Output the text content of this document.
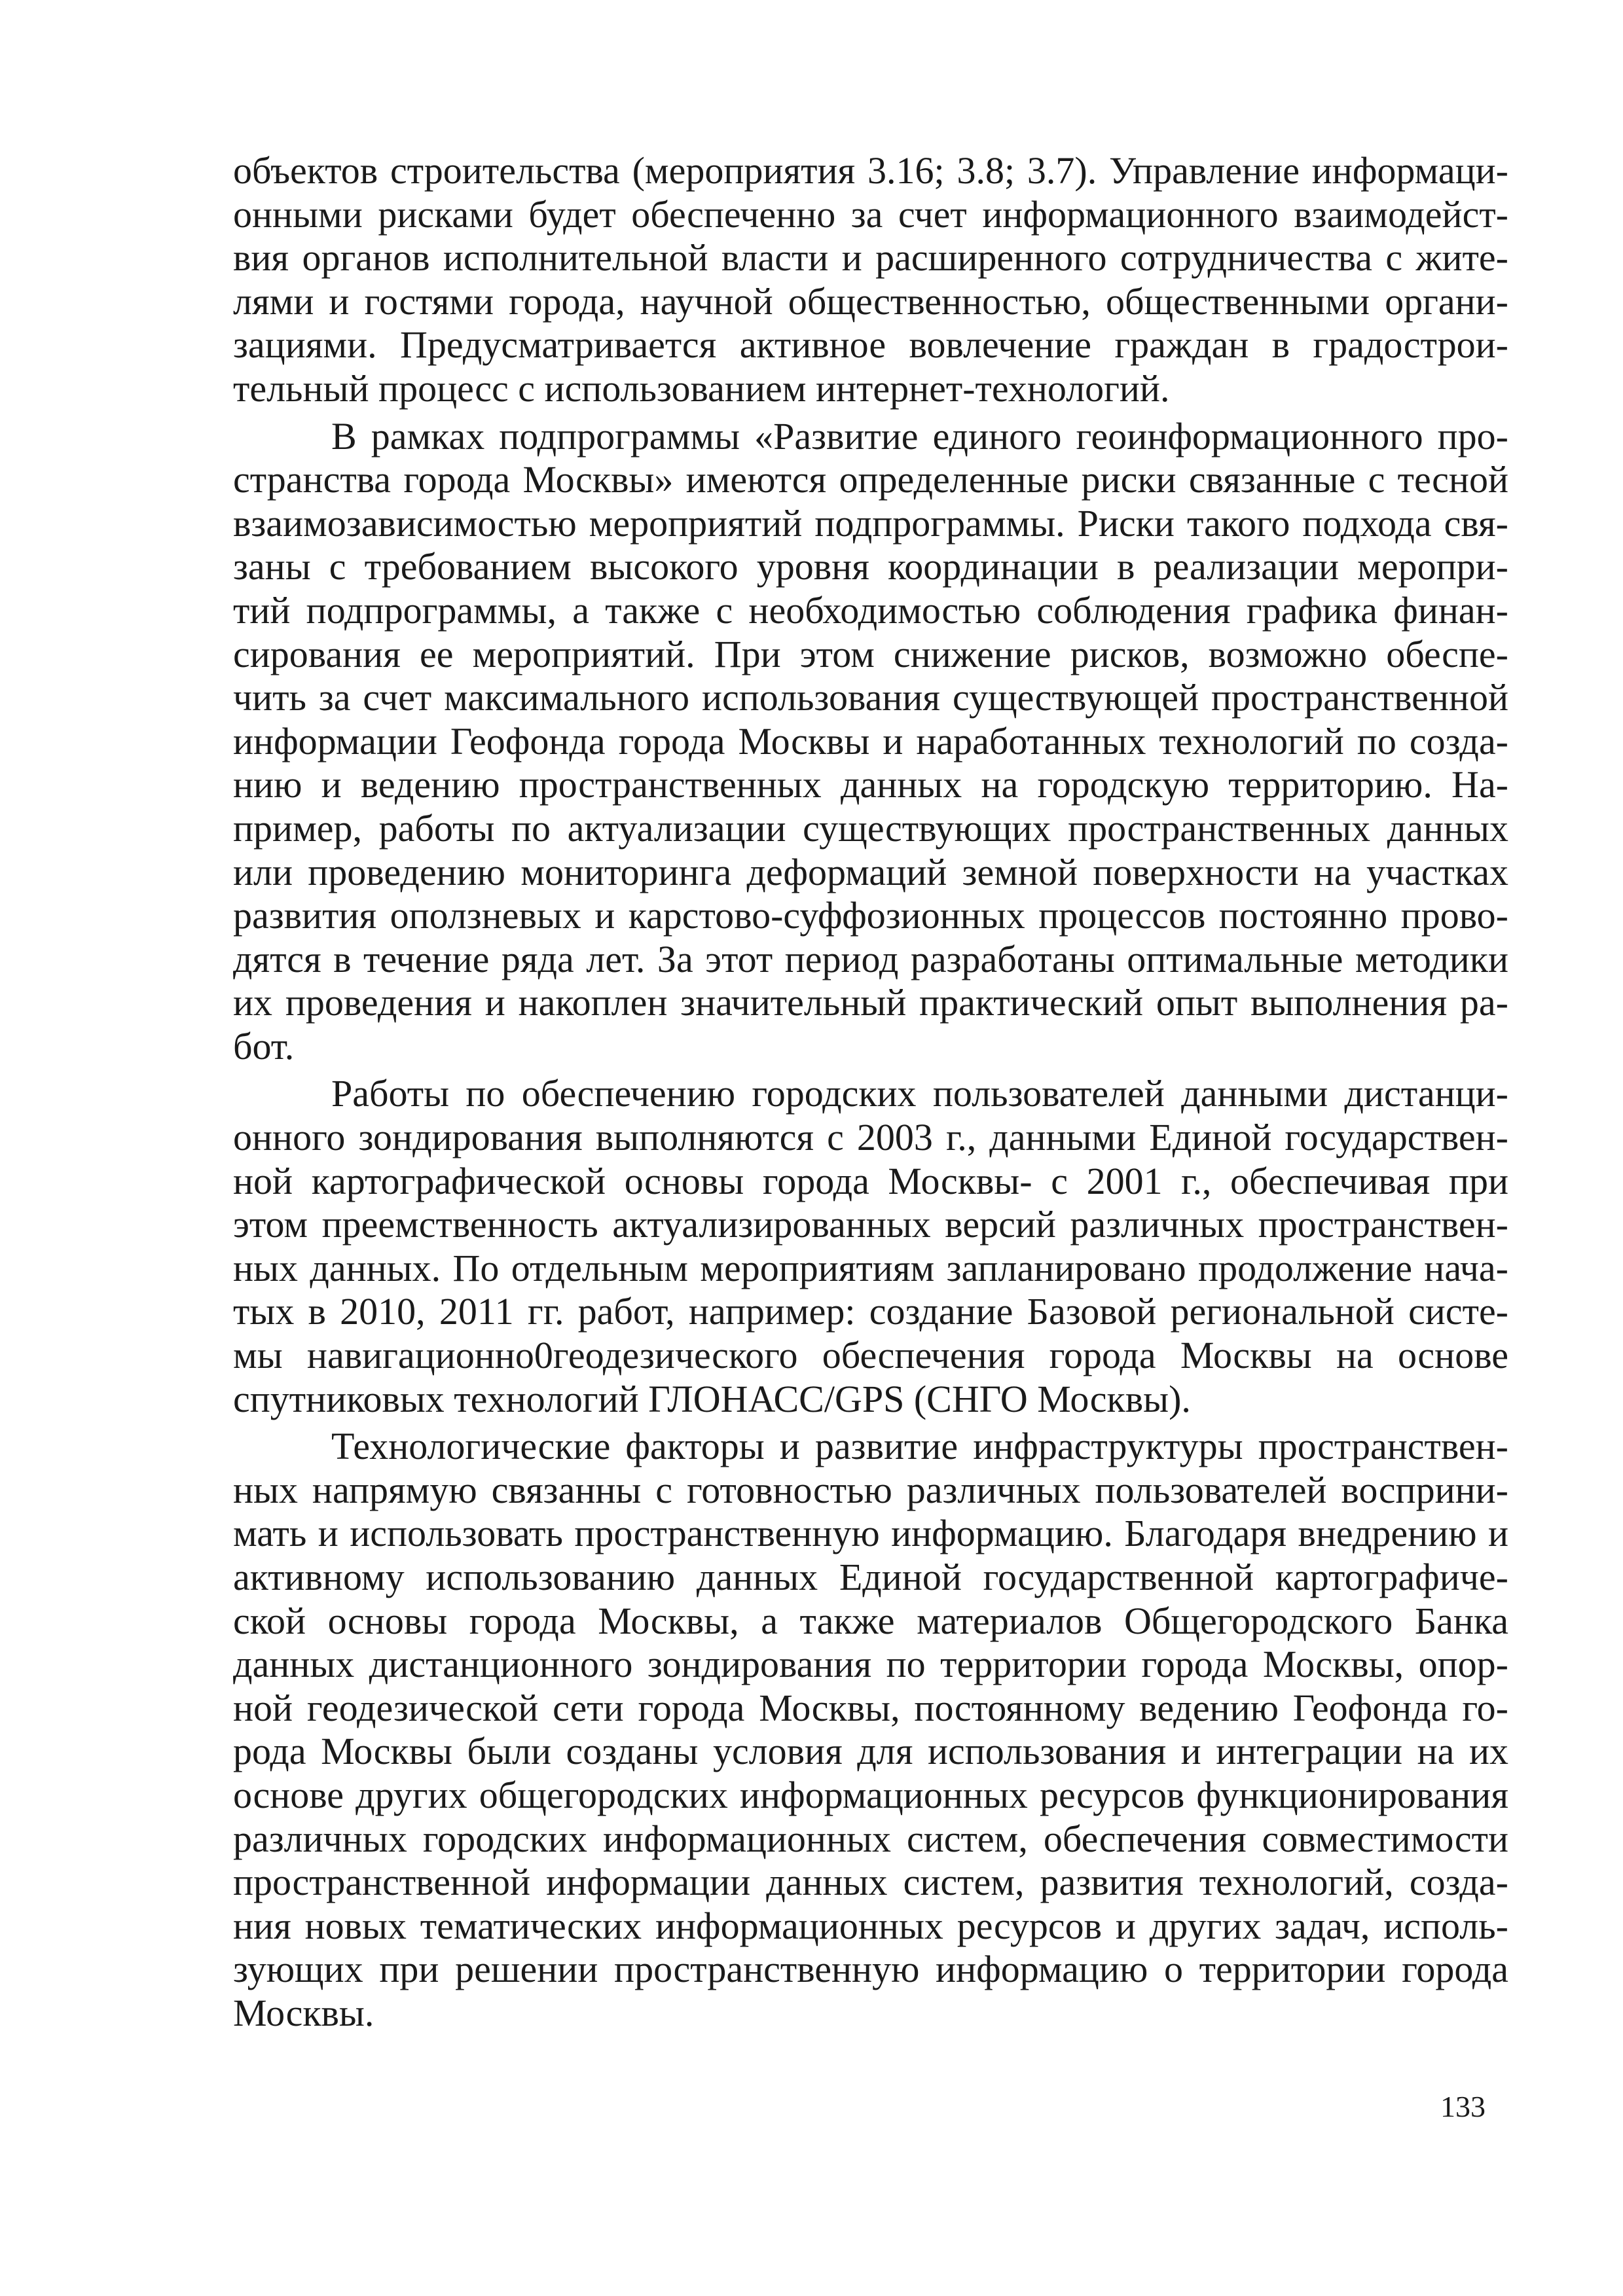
объектов строительства (мероприятия 3.16; 3.8; 3.7). Управление информаци-
онными рисками будет обеспеченно за счет информационного взаимодейст-
вия органов исполнительной власти и расширенного сотрудничества с жите-
лями и гостями города, научной общественностью, общественными органи-
зациями. Предусматривается активное вовлечение граждан в градострои-
тельный процесс с использованием интернет-технологий.
В рамках подпрограммы «Развитие единого геоинформационного про-
странства города Москвы» имеются определенные риски связанные с тесной
взаимозависимостью мероприятий подпрограммы. Риски такого подхода свя-
заны с требованием высокого уровня координации в реализации меропри-
тий подпрограммы, а также с необходимостью соблюдения графика финан-
сирования ее мероприятий. При этом снижение рисков, возможно обеспе-
чить за счет максимального использования существующей пространственной
информации Геофонда города Москвы и наработанных технологий по созда-
нию и ведению пространственных данных на городскую территорию. На-
пример, работы по актуализации существующих пространственных данных
или проведению мониторинга деформаций земной поверхности на участках
развития оползневых и карстово-суффозионных процессов постоянно прово-
дятся в течение ряда лет. За этот период разработаны оптимальные методики
их проведения и накоплен значительный практический опыт выполнения ра-
бот.
Работы по обеспечению городских пользователей данными дистанци-
онного зондирования выполняются с 2003 г., данными Единой государствен-
ной картографической основы города Москвы- с 2001 г., обеспечивая при
этом преемственность актуализированных версий различных пространствен-
ных данных. По отдельным мероприятиям запланировано продолжение нача-
тых в 2010, 2011 гг. работ, например: создание Базовой региональной систе-
мы навигационно0геодезического обеспечения города Москвы на основе
спутниковых технологий ГЛОНАСС/GPS (СНГО Москвы).
Технологические факторы и развитие инфраструктуры пространствен-
ных напрямую связанны с готовностью различных пользователей восприни-
мать и использовать пространственную информацию. Благодаря внедрению и
активному использованию данных Единой государственной картографиче-
ской основы города Москвы, а также материалов Общегородского Банка
данных дистанционного зондирования по территории города Москвы, опор-
ной геодезической сети города Москвы, постоянному ведению Геофонда го-
рода Москвы были созданы условия для использования и интеграции на их
основе других общегородских информационных ресурсов функционирования
различных городских информационных систем, обеспечения совместимости
пространственной информации данных систем, развития технологий, созда-
ния новых тематических информационных ресурсов и других задач, исполь-
зующих при решении пространственную информацию о территории города
Москвы.
133
